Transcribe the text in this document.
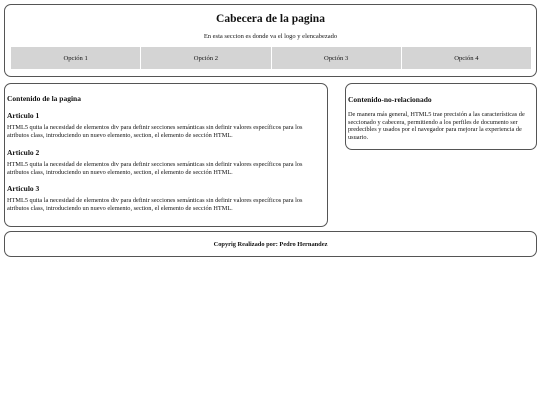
Cabecera de la pagina

En esta seccion es donde va el logo y elencabezado

Opción 1	Opción 2	Opción 3	Opción 4
Contenido de la pagina
Articulo 1

HTML5 quita la necesidad de elementos div para definir secciones semánticas sin definir valores específicos para los atributos class, introduciendo un nuevo elemento, section, el elemento de sección HTML.

Articulo 2

HTML5 quita la necesidad de elementos div para definir secciones semánticas sin definir valores específicos para los atributos class, introduciendo un nuevo elemento, section, el elemento de sección HTML.

Articulo 3

HTML5 quita la necesidad de elementos div para definir secciones semánticas sin definir valores específicos para los atributos class, introduciendo un nuevo elemento, section, el elemento de sección HTML.

Contenido-no-relacionado

De manera más general, HTML5 trae precisión a las características de seccionado y cabecera, permitiendo a los perfiles de documento ser predecibles y usados por el navegador para mejorar la experiencia de usuario.

Copyrig Realizado por: Pedro Hernandez
